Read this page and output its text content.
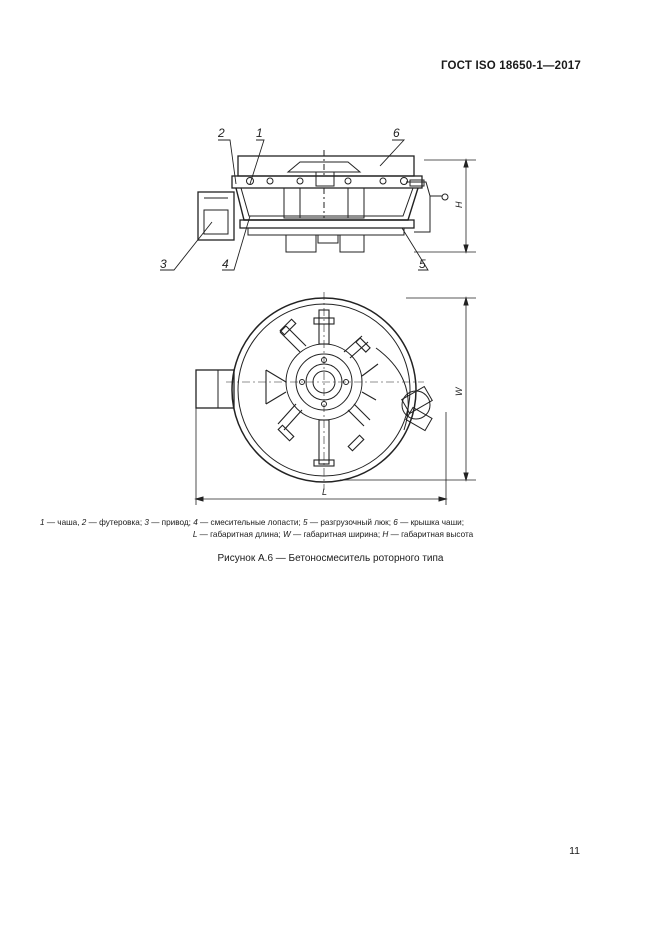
ГОСТ ISO 18650-1—2017
2	1	6
3	4	5
H
W
L
1 — чаша, 2 — футеровка; 3 — привод; 4 — смесительные лопасти; 5 — разгрузочный люк; 6 — крышка чаши;
L — габаритная длина; W — габаритная ширина; H — габаритная высота
Рисунок А.6 — Бетоносмеситель роторного типа
11
